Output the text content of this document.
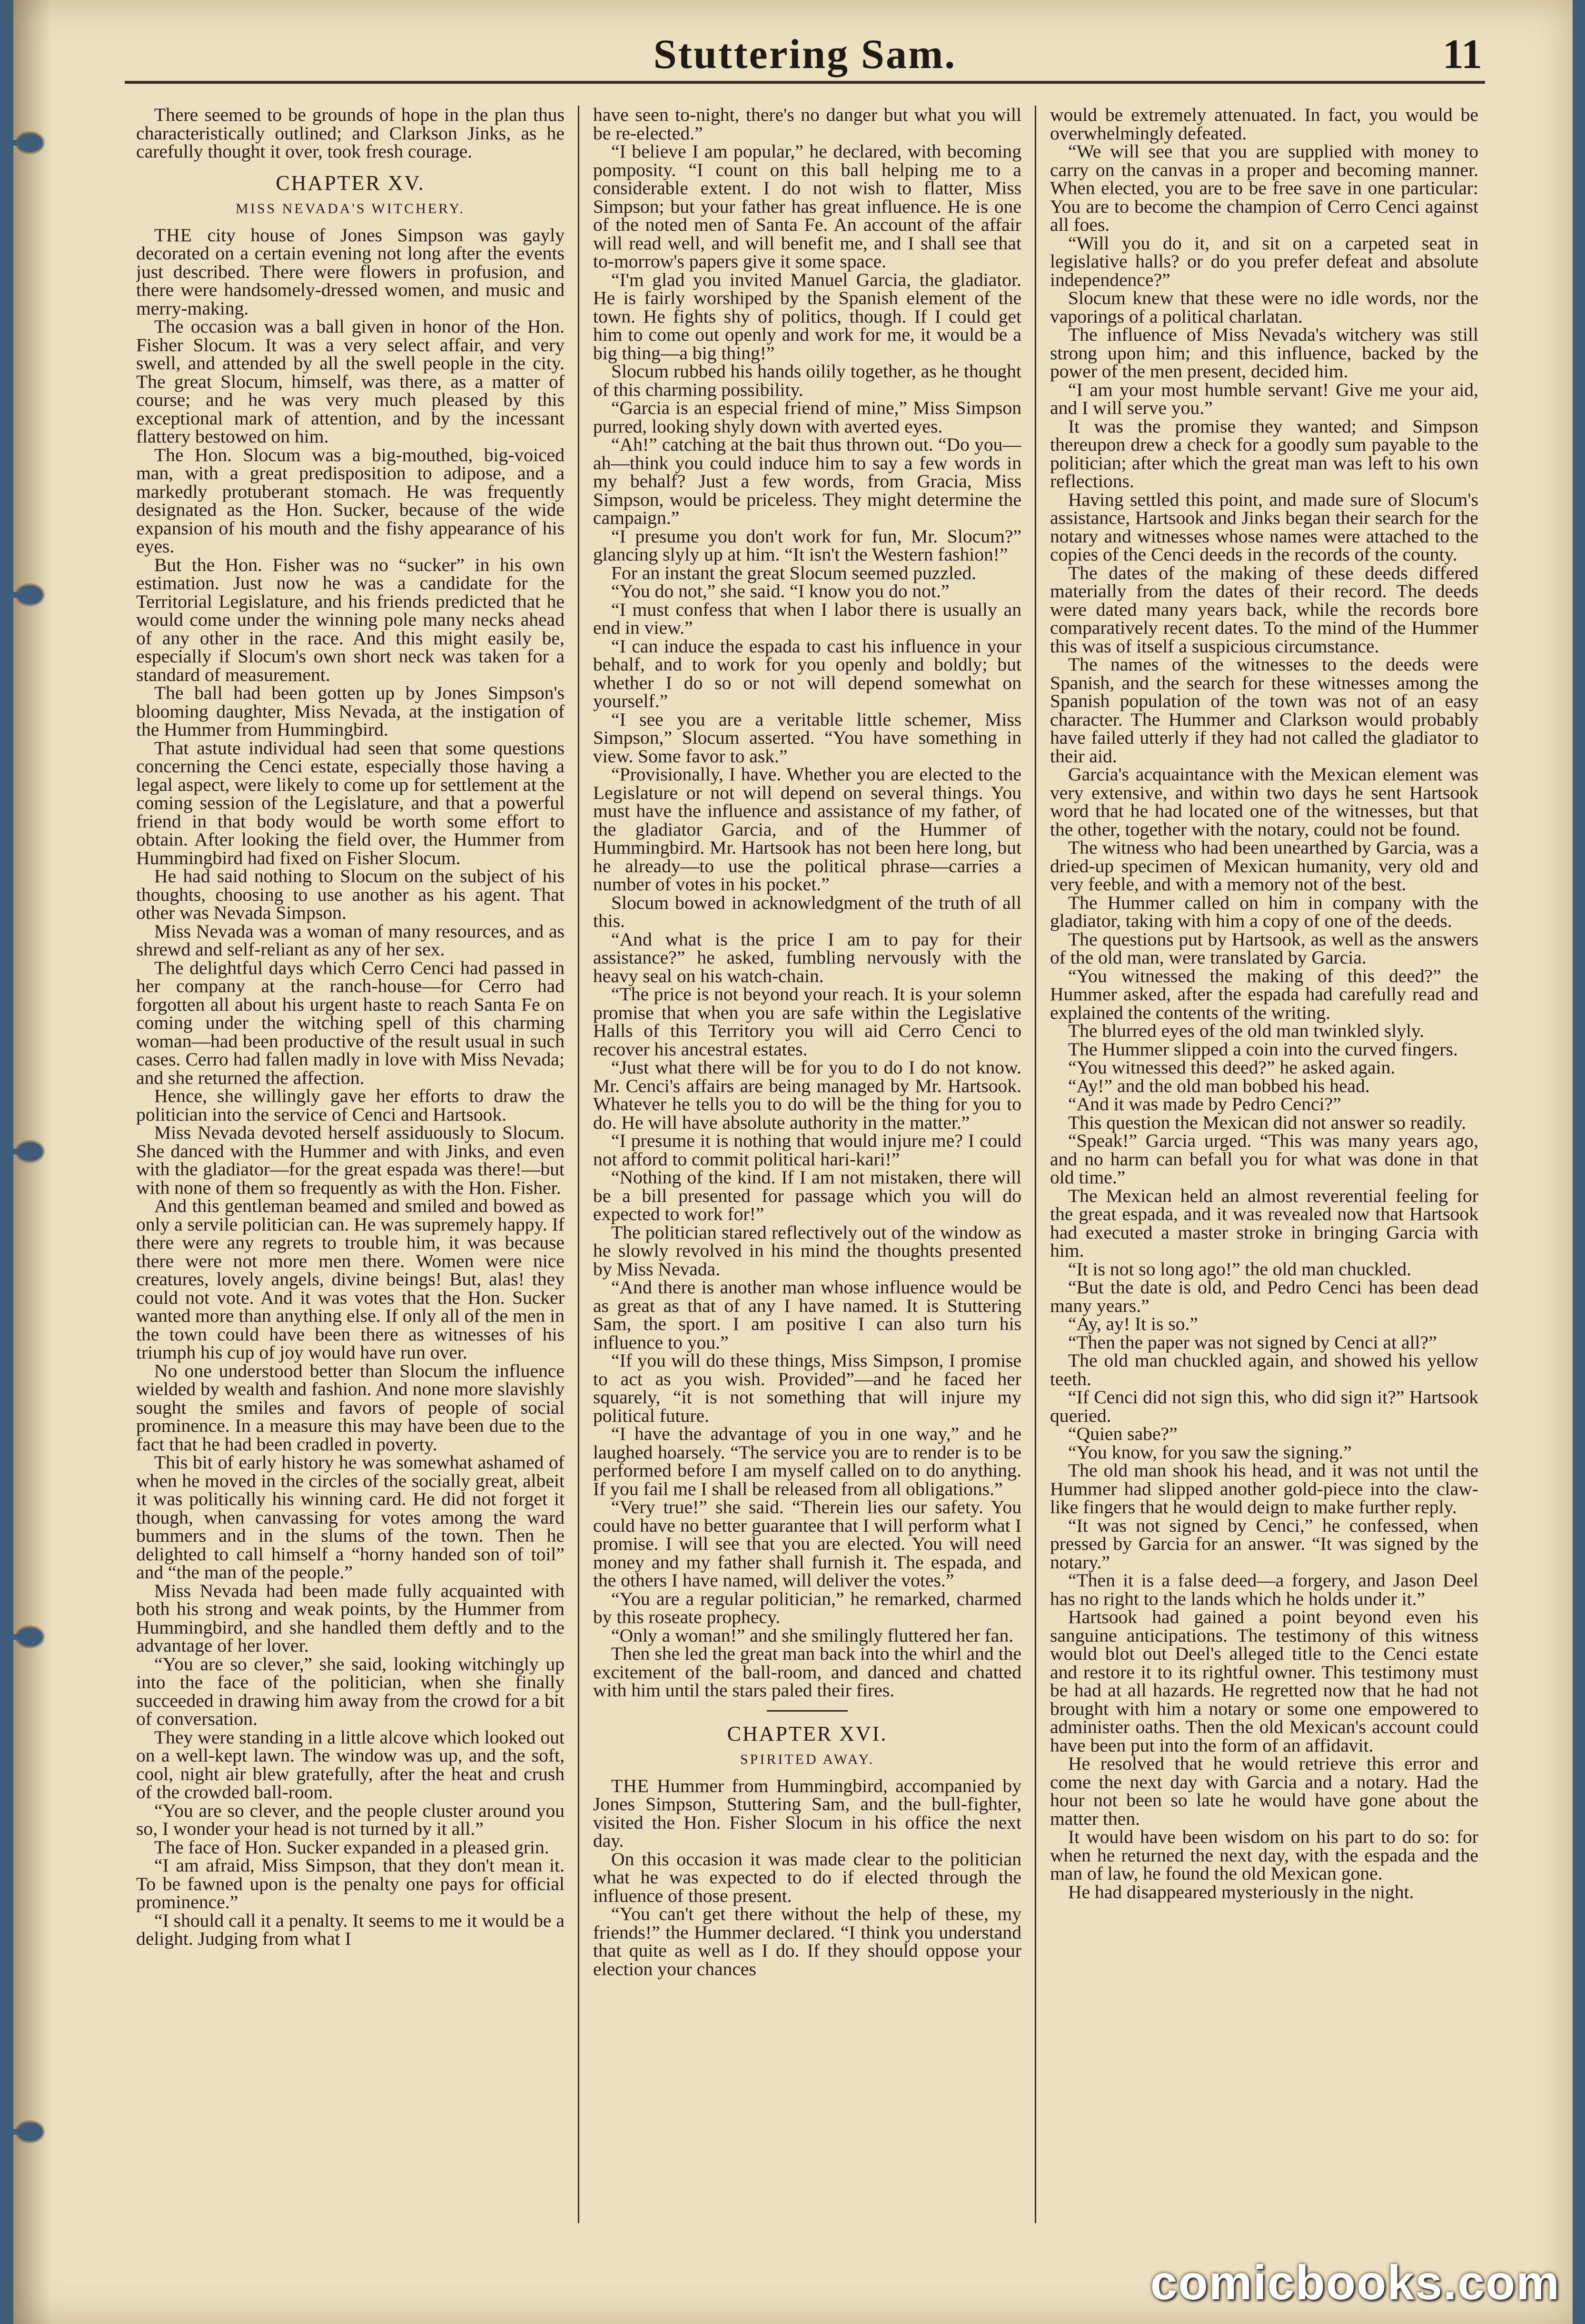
Stuttering Sam.	11

There seemed to be grounds of hope in the plan thus characteristically outlined; and Clarkson Jinks, as he carefully thought it over, took fresh courage.

CHAPTER XV.
MISS NEVADA'S WITCHERY.

THE city house of Jones Simpson was gayly decorated on a certain evening not long after the events just described. There were flowers in profusion, and there were handsomely-dressed women, and music and merry-making.

The occasion was a ball given in honor of the Hon. Fisher Slocum. It was a very select affair, and very swell, and attended by all the swell people in the city. The great Slocum, himself, was there, as a matter of course; and he was very much pleased by this exceptional mark of attention, and by the incessant flattery bestowed on him.

The Hon. Slocum was a big-mouthed, big-voiced man, with a great predisposition to adipose, and a markedly protuberant stomach. He was frequently designated as the Hon. Sucker, because of the wide expansion of his mouth and the fishy appearance of his eyes.

But the Hon. Fisher was no “sucker” in his own estimation. Just now he was a candidate for the Territorial Legislature, and his friends predicted that he would come under the winning pole many necks ahead of any other in the race. And this might easily be, especially if Slocum's own short neck was taken for a standard of measurement.

The ball had been gotten up by Jones Simpson's blooming daughter, Miss Nevada, at the instigation of the Hummer from Hummingbird.

That astute individual had seen that some questions concerning the Cenci estate, especially those having a legal aspect, were likely to come up for settlement at the coming session of the Legislature, and that a powerful friend in that body would be worth some effort to obtain. After looking the field over, the Hummer from Hummingbird had fixed on Fisher Slocum.

He had said nothing to Slocum on the subject of his thoughts, choosing to use another as his agent. That other was Nevada Simpson.

Miss Nevada was a woman of many resources, and as shrewd and self-reliant as any of her sex.

The delightful days which Cerro Cenci had passed in her company at the ranch-house—for Cerro had forgotten all about his urgent haste to reach Santa Fe on coming under the witching spell of this charming woman—had been productive of the result usual in such cases. Cerro had fallen madly in love with Miss Nevada; and she returned the affection.

Hence, she willingly gave her efforts to draw the politician into the service of Cenci and Hartsook.

Miss Nevada devoted herself assiduously to Slocum. She danced with the Hummer and with Jinks, and even with the gladiator—for the great espada was there!—but with none of them so frequently as with the Hon. Fisher.

And this gentleman beamed and smiled and bowed as only a servile politician can. He was supremely happy. If there were any regrets to trouble him, it was because there were not more men there. Women were nice creatures, lovely angels, divine beings! But, alas! they could not vote. And it was votes that the Hon. Sucker wanted more than anything else. If only all of the men in the town could have been there as witnesses of his triumph his cup of joy would have run over.

No one understood better than Slocum the influence wielded by wealth and fashion. And none more slavishly sought the smiles and favors of people of social prominence. In a measure this may have been due to the fact that he had been cradled in poverty.

This bit of early history he was somewhat ashamed of when he moved in the circles of the socially great, albeit it was politically his winning card. He did not forget it though, when canvassing for votes among the ward bummers and in the slums of the town. Then he delighted to call himself a “horny handed son of toil” and “the man of the people.”

Miss Nevada had been made fully acquainted with both his strong and weak points, by the Hummer from Hummingbird, and she handled them deftly and to the advantage of her lover.

“You are so clever,” she said, looking witchingly up into the face of the politician, when she finally succeeded in drawing him away from the crowd for a bit of conversation.

They were standing in a little alcove which looked out on a well-kept lawn. The window was up, and the soft, cool, night air blew gratefully, after the heat and crush of the crowded ball-room.

“You are so clever, and the people cluster around you so, I wonder your head is not turned by it all.”

The face of Hon. Sucker expanded in a pleased grin.

“I am afraid, Miss Simpson, that they don't mean it. To be fawned upon is the penalty one pays for official prominence.”

“I should call it a penalty. It seems to me it would be a delight. Judging from what I

have seen to-night, there's no danger but what you will be re-elected.”

“I believe I am popular,” he declared, with becoming pomposity. “I count on this ball helping me to a considerable extent. I do not wish to flatter, Miss Simpson; but your father has great influence. He is one of the noted men of Santa Fe. An account of the affair will read well, and will benefit me, and I shall see that to-morrow's papers give it some space.

“I'm glad you invited Manuel Garcia, the gladiator. He is fairly worshiped by the Spanish element of the town. He fights shy of politics, though. If I could get him to come out openly and work for me, it would be a big thing—a big thing!”

Slocum rubbed his hands oilily together, as he thought of this charming possibility.

“Garcia is an especial friend of mine,” Miss Simpson purred, looking shyly down with averted eyes.

“Ah!” catching at the bait thus thrown out. “Do you—ah—think you could induce him to say a few words in my behalf? Just a few words, from Gracia, Miss Simpson, would be priceless. They might determine the campaign.”

“I presume you don't work for fun, Mr. Slocum?” glancing slyly up at him. “It isn't the Western fashion!”

For an instant the great Slocum seemed puzzled.

“You do not,” she said. “I know you do not.”

“I must confess that when I labor there is usually an end in view.”

“I can induce the espada to cast his influence in your behalf, and to work for you openly and boldly; but whether I do so or not will depend somewhat on yourself.”

“I see you are a veritable little schemer, Miss Simpson,” Slocum asserted. “You have something in view. Some favor to ask.”

“Provisionally, I have. Whether you are elected to the Legislature or not will depend on several things. You must have the influence and assistance of my father, of the gladiator Garcia, and of the Hummer of Hummingbird. Mr. Hartsook has not been here long, but he already—to use the political phrase—carries a number of votes in his pocket.”

Slocum bowed in acknowledgment of the truth of all this.

“And what is the price I am to pay for their assistance?” he asked, fumbling nervously with the heavy seal on his watch-chain.

“The price is not beyond your reach. It is your solemn promise that when you are safe within the Legislative Halls of this Territory you will aid Cerro Cenci to recover his ancestral estates.

“Just what there will be for you to do I do not know. Mr. Cenci's affairs are being managed by Mr. Hartsook. Whatever he tells you to do will be the thing for you to do. He will have absolute authority in the matter.”

“I presume it is nothing that would injure me? I could not afford to commit political hari-kari!”

“Nothing of the kind. If I am not mistaken, there will be a bill presented for passage which you will do expected to work for!”

The politician stared reflectively out of the window as he slowly revolved in his mind the thoughts presented by Miss Nevada.

“And there is another man whose influence would be as great as that of any I have named. It is Stuttering Sam, the sport. I am positive I can also turn his influence to you.”

“If you will do these things, Miss Simpson, I promise to act as you wish. Provided”—and he faced her squarely, “it is not something that will injure my political future.

“I have the advantage of you in one way,” and he laughed hoarsely. “The service you are to render is to be performed before I am myself called on to do anything. If you fail me I shall be released from all obligations.”

“Very true!” she said. “Therein lies our safety. You could have no better guarantee that I will perform what I promise. I will see that you are elected. You will need money and my father shall furnish it. The espada, and the others I have named, will deliver the votes.”

“You are a regular politician,” he remarked, charmed by this roseate prophecy.

“Only a woman!” and she smilingly fluttered her fan.

Then she led the great man back into the whirl and the excitement of the ball-room, and danced and chatted with him until the stars paled their fires.

CHAPTER XVI.
SPIRITED AWAY.

THE Hummer from Hummingbird, accompanied by Jones Simpson, Stuttering Sam, and the bull-fighter, visited the Hon. Fisher Slocum in his office the next day.

On this occasion it was made clear to the politician what he was expected to do if elected through the influence of those present.

“You can't get there without the help of these, my friends!” the Hummer declared. “I think you understand that quite as well as I do. If they should oppose your election your chances

would be extremely attenuated. In fact, you would be overwhelmingly defeated.

“We will see that you are supplied with money to carry on the canvas in a proper and becoming manner. When elected, you are to be free save in one particular: You are to become the champion of Cerro Cenci against all foes.

“Will you do it, and sit on a carpeted seat in legislative halls? or do you prefer defeat and absolute independence?”

Slocum knew that these were no idle words, nor the vaporings of a political charlatan.

The influence of Miss Nevada's witchery was still strong upon him; and this influence, backed by the power of the men present, decided him.

“I am your most humble servant! Give me your aid, and I will serve you.”

It was the promise they wanted; and Simpson thereupon drew a check for a goodly sum payable to the politician; after which the great man was left to his own reflections.

Having settled this point, and made sure of Slocum's assistance, Hartsook and Jinks began their search for the notary and witnesses whose names were attached to the copies of the Cenci deeds in the records of the county.

The dates of the making of these deeds differed materially from the dates of their record. The deeds were dated many years back, while the records bore comparatively recent dates. To the mind of the Hummer this was of itself a suspicious circumstance.

The names of the witnesses to the deeds were Spanish, and the search for these witnesses among the Spanish population of the town was not of an easy character. The Hummer and Clarkson would probably have failed utterly if they had not called the gladiator to their aid.

Garcia's acquaintance with the Mexican element was very extensive, and within two days he sent Hartsook word that he had located one of the witnesses, but that the other, together with the notary, could not be found.

The witness who had been unearthed by Garcia, was a dried-up specimen of Mexican humanity, very old and very feeble, and with a memory not of the best.

The Hummer called on him in company with the gladiator, taking with him a copy of one of the deeds.

The questions put by Hartsook, as well as the answers of the old man, were translated by Garcia.

“You witnessed the making of this deed?” the Hummer asked, after the espada had carefully read and explained the contents of the writing.

The blurred eyes of the old man twinkled slyly.

The Hummer slipped a coin into the curved fingers.

“You witnessed this deed?” he asked again.

“Ay!” and the old man bobbed his head.

“And it was made by Pedro Cenci?”

This question the Mexican did not answer so readily.

“Speak!” Garcia urged. “This was many years ago, and no harm can befall you for what was done in that old time.”

The Mexican held an almost reverential feeling for the great espada, and it was revealed now that Hartsook had executed a master stroke in bringing Garcia with him.

“It is not so long ago!” the old man chuckled.

“But the date is old, and Pedro Cenci has been dead many years.”

“Ay, ay! It is so.”

“Then the paper was not signed by Cenci at all?”

The old man chuckled again, and showed his yellow teeth.

“If Cenci did not sign this, who did sign it?” Hartsook queried.

“Quien sabe?”

“You know, for you saw the signing.”

The old man shook his head, and it was not until the Hummer had slipped another gold-piece into the claw-like fingers that he would deign to make further reply.

“It was not signed by Cenci,” he confessed, when pressed by Garcia for an answer. “It was signed by the notary.”

“Then it is a false deed—a forgery, and Jason Deel has no right to the lands which he holds under it.”

Hartsook had gained a point beyond even his sanguine anticipations. The testimony of this witness would blot out Deel's alleged title to the Cenci estate and restore it to its rightful owner. This testimony must be had at all hazards. He regretted now that he had not brought with him a notary or some one empowered to administer oaths. Then the old Mexican's account could have been put into the form of an affidavit.

He resolved that he would retrieve this error and come the next day with Garcia and a notary. Had the hour not been so late he would have gone about the matter then.

It would have been wisdom on his part to do so: for when he returned the next day, with the espada and the man of law, he found the old Mexican gone.

He had disappeared mysteriously in the night.

comicbooks.com
